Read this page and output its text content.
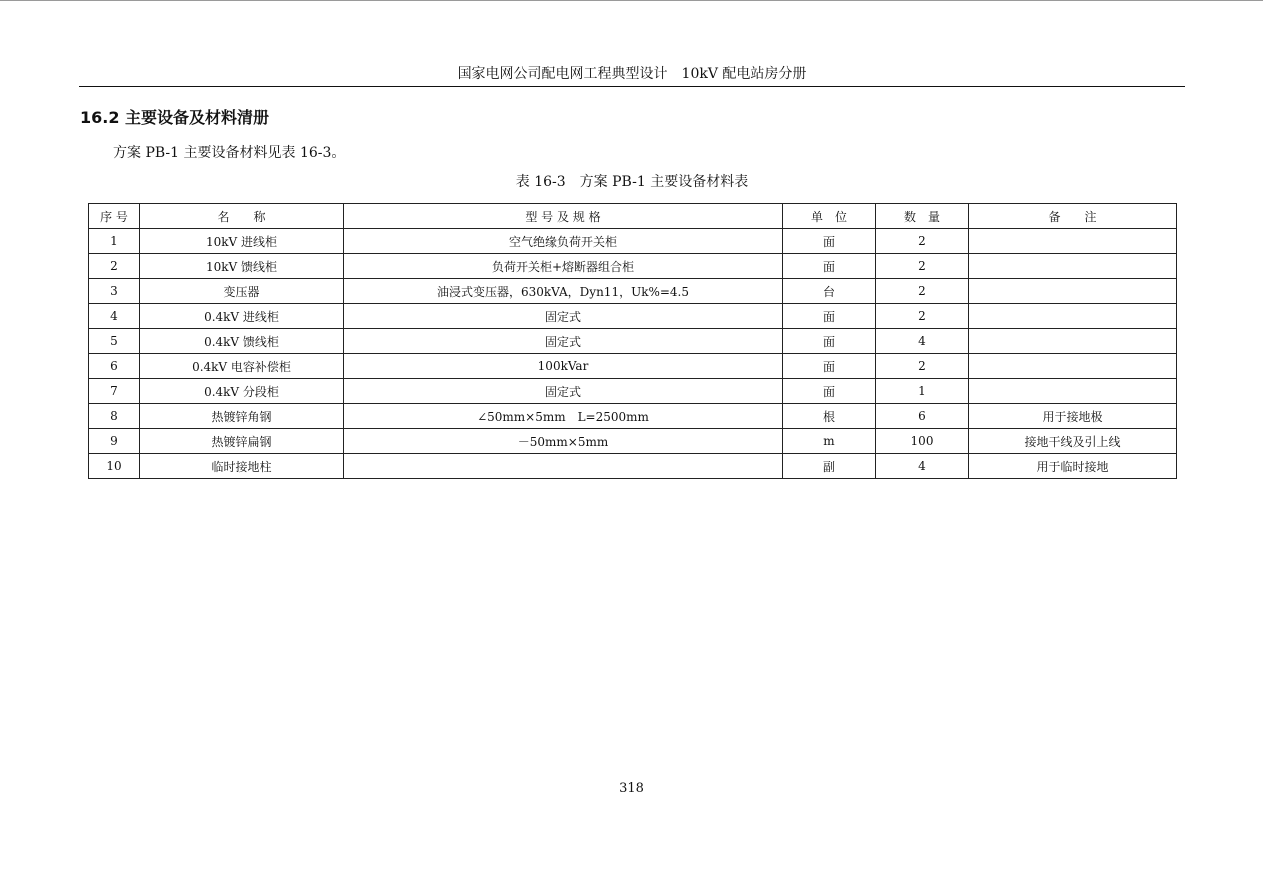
国家电网公司配电网工程典型设计　10kV 配电站房分册
16.2 主要设备及材料清册

方案 PB-1 主要设备材料见表 16-3。

表 16-3　方案 PB-1 主要设备材料表

序 号	名　　称	型 号 及 规 格	单　位	数　量	备　　注
1	10kV 进线柜	空气绝缘负荷开关柜	面	2	
2	10kV 馈线柜	负荷开关柜+熔断器组合柜	面	2	
3	变压器	油浸式变压器，630kVA，Dyn11，Uk%=4.5	台	2	
4	0.4kV 进线柜	固定式	面	2	
5	0.4kV 馈线柜	固定式	面	4	
6	0.4kV 电容补偿柜	100kVar	面	2	
7	0.4kV 分段柜	固定式	面	1	
8	热镀锌角钢	∠50mm×5mm　L=2500mm	根	6	用于接地极
9	热镀锌扁钢	－50mm×5mm	m	100	接地干线及引上线
10	临时接地柱		副	4	用于临时接地
318
